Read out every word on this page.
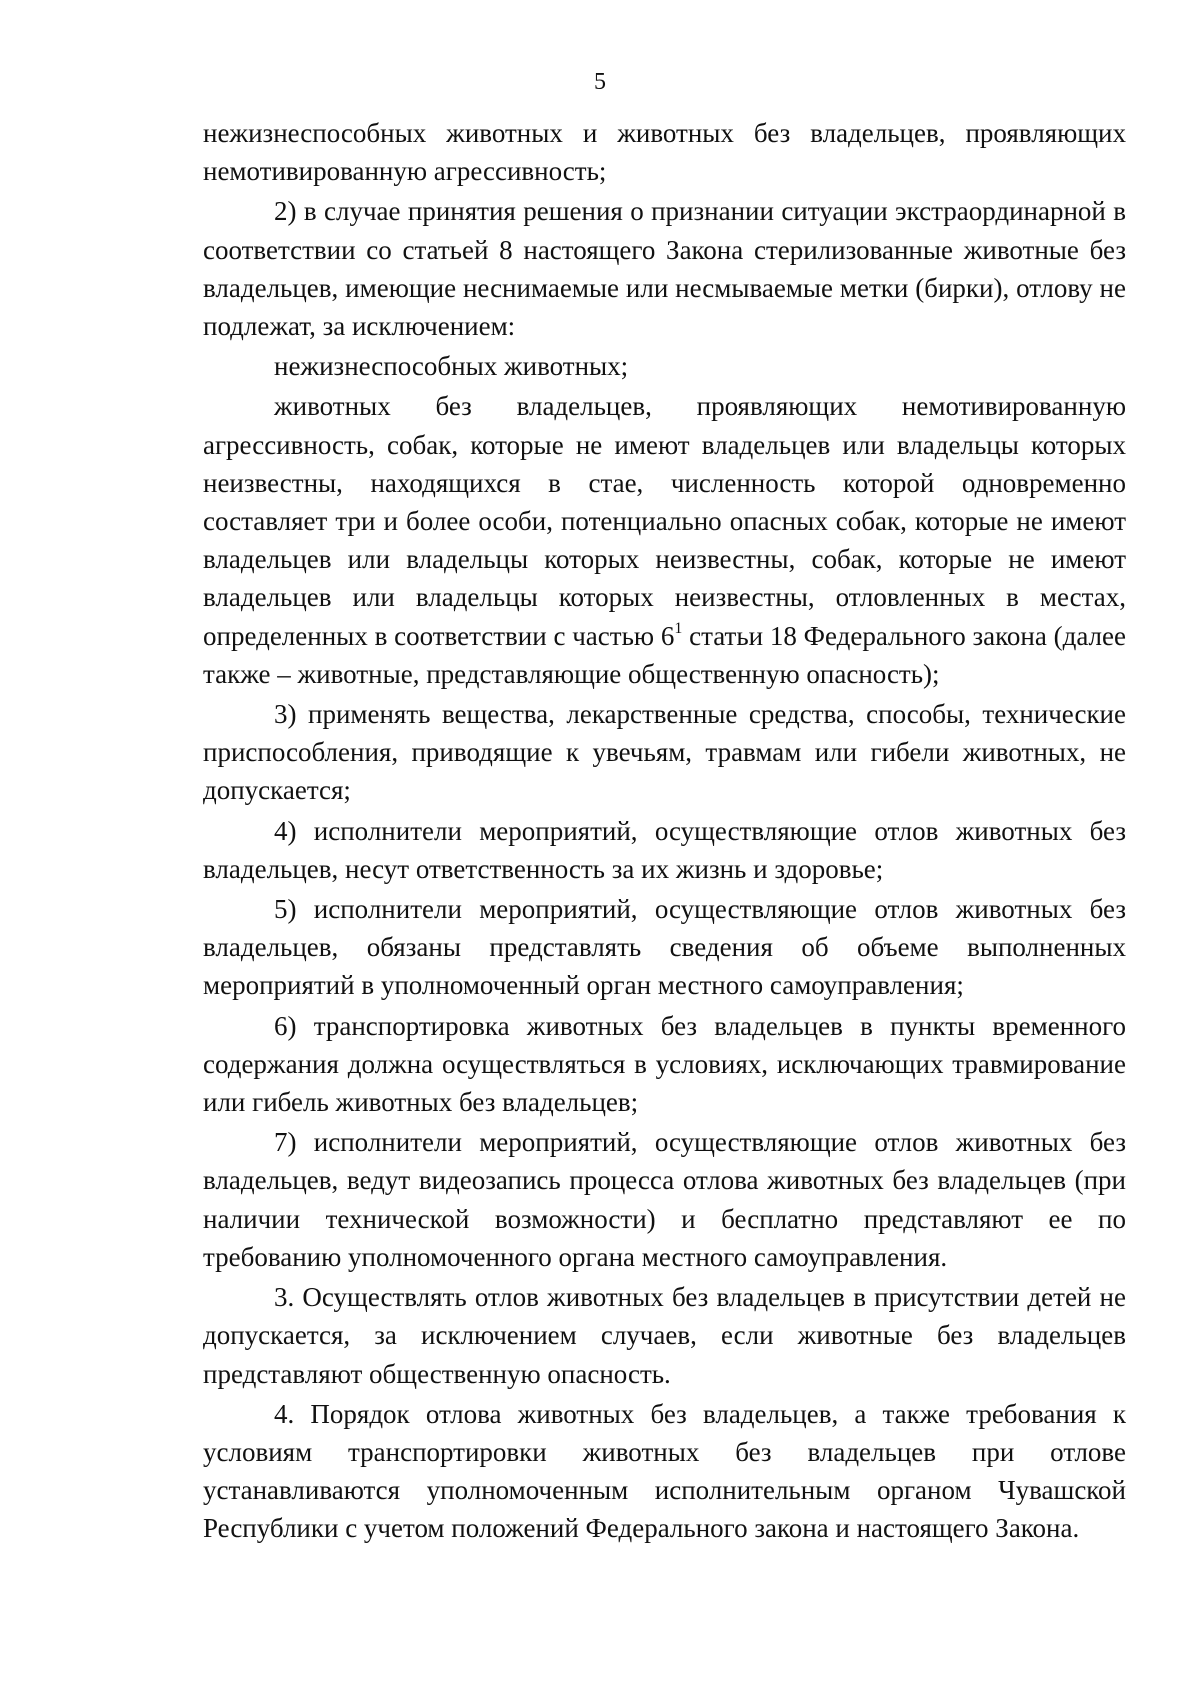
5

нежизнеспособных животных и животных без владельцев, проявляющих немотивированную агрессивность;

2) в случае принятия решения о признании ситуации экстраординарной в соответствии со статьей 8 настоящего Закона стерилизованные животные без владельцев, имеющие неснимаемые или несмываемые метки (бирки), отлову не подлежат, за исключением:

нежизнеспособных животных;

животных без владельцев, проявляющих немотивированную агрессивность, собак, которые не имеют владельцев или владельцы которых неизвестны, находящихся в стае, численность которой одновременно составляет три и более особи, потенциально опасных собак, которые не имеют владельцев или владельцы которых неизвестны, собак, которые не имеют владельцев или владельцы которых неизвестны, отловленных в местах, определенных в соответствии с частью $6^1$ статьи 18 Федерального закона (далее также – животные, представляющие общественную опасность);

3) применять вещества, лекарственные средства, способы, технические приспособления, приводящие к увечьям, травмам или гибели животных, не допускается;

4) исполнители мероприятий, осуществляющие отлов животных без владельцев, несут ответственность за их жизнь и здоровье;

5) исполнители мероприятий, осуществляющие отлов животных без владельцев, обязаны представлять сведения об объеме выполненных мероприятий в уполномоченный орган местного самоуправления;

6) транспортировка животных без владельцев в пункты временного содержания должна осуществляться в условиях, исключающих травмирование или гибель животных без владельцев;

7) исполнители мероприятий, осуществляющие отлов животных без владельцев, ведут видеозапись процесса отлова животных без владельцев (при наличии технической возможности) и бесплатно представляют ее по требованию уполномоченного органа местного самоуправления.

3. Осуществлять отлов животных без владельцев в присутствии детей не допускается, за исключением случаев, если животные без владельцев представляют общественную опасность.

4. Порядок отлова животных без владельцев, а также требования к условиям транспортировки животных без владельцев при отлове устанавливаются уполномоченным исполнительным органом Чувашской Республики с учетом положений Федерального закона и настоящего Закона.
